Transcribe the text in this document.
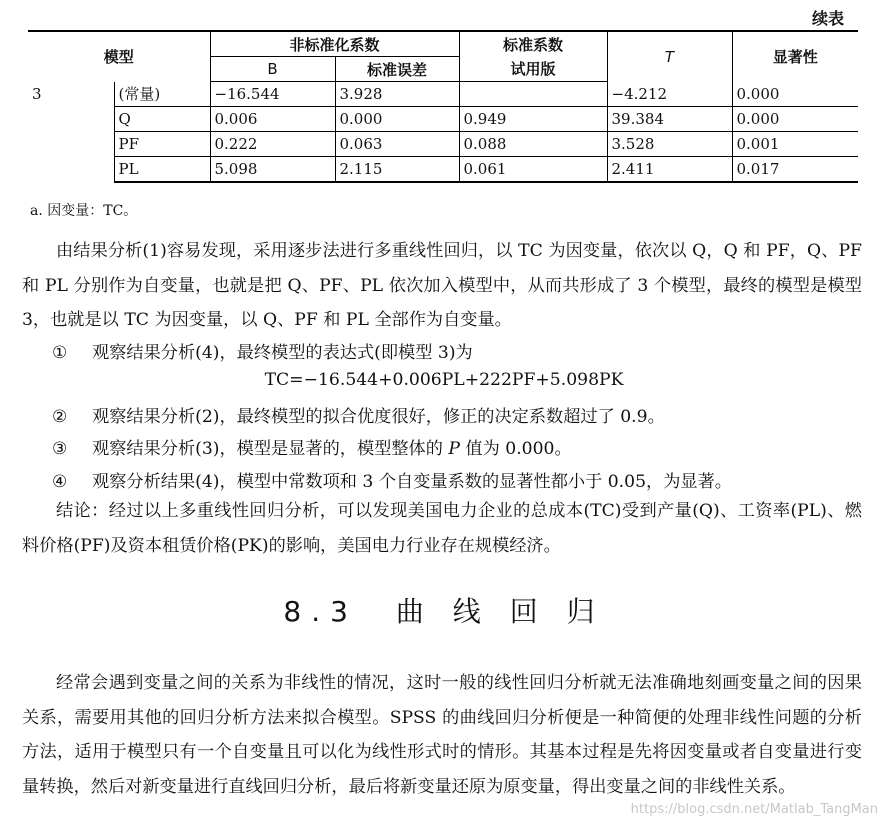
续表
模型		非标准化系数		标准系数	T	显著性
		B	标准误差	试用版		
3	(常量)	−16.544	3.928		−4.212	0.000
	Q	0.006	0.000	0.949	39.384	0.000
	PF	0.222	0.063	0.088	3.528	0.001
	PL	5.098	2.115	0.061	2.411	0.017
a. 因变量：TC。
由结果分析(1)容易发现，采用逐步法进行多重线性回归，以 TC 为因变量，依次以 Q，Q 和 PF，Q、PF 和 PL 分别作为自变量，也就是把 Q、PF、PL 依次加入模型中，从而共形成了 3 个模型，最终的模型是模型 3，也就是以 TC 为因变量，以 Q、PF 和 PL 全部作为自变量。
① 观察结果分析(4)，最终模型的表达式(即模型 3)为
TC=−16.544+0.006PL+222PF+5.098PK
② 观察结果分析(2)，最终模型的拟合优度很好，修正的决定系数超过了 0.9。
③ 观察结果分析(3)，模型是显著的，模型整体的 P 值为 0.000。
④ 观察分析结果(4)，模型中常数项和 3 个自变量系数的显著性都小于 0.05，为显著。
结论：经过以上多重线性回归分析，可以发现美国电力企业的总成本(TC)受到产量(Q)、工资率(PL)、燃料价格(PF)及资本租赁价格(PK)的影响，美国电力行业存在规模经济。
8.3　曲 线 回 归
经常会遇到变量之间的关系为非线性的情况，这时一般的线性回归分析就无法准确地刻画变量之间的因果关系，需要用其他的回归分析方法来拟合模型。SPSS 的曲线回归分析便是一种简便的处理非线性问题的分析方法，适用于模型只有一个自变量且可以化为线性形式时的情形。其基本过程是先将因变量或者自变量进行变量转换，然后对新变量进行直线回归分析，最后将新变量还原为原变量，得出变量之间的非线性关系。
https://blog.csdn.net/Matlab_TangMan
